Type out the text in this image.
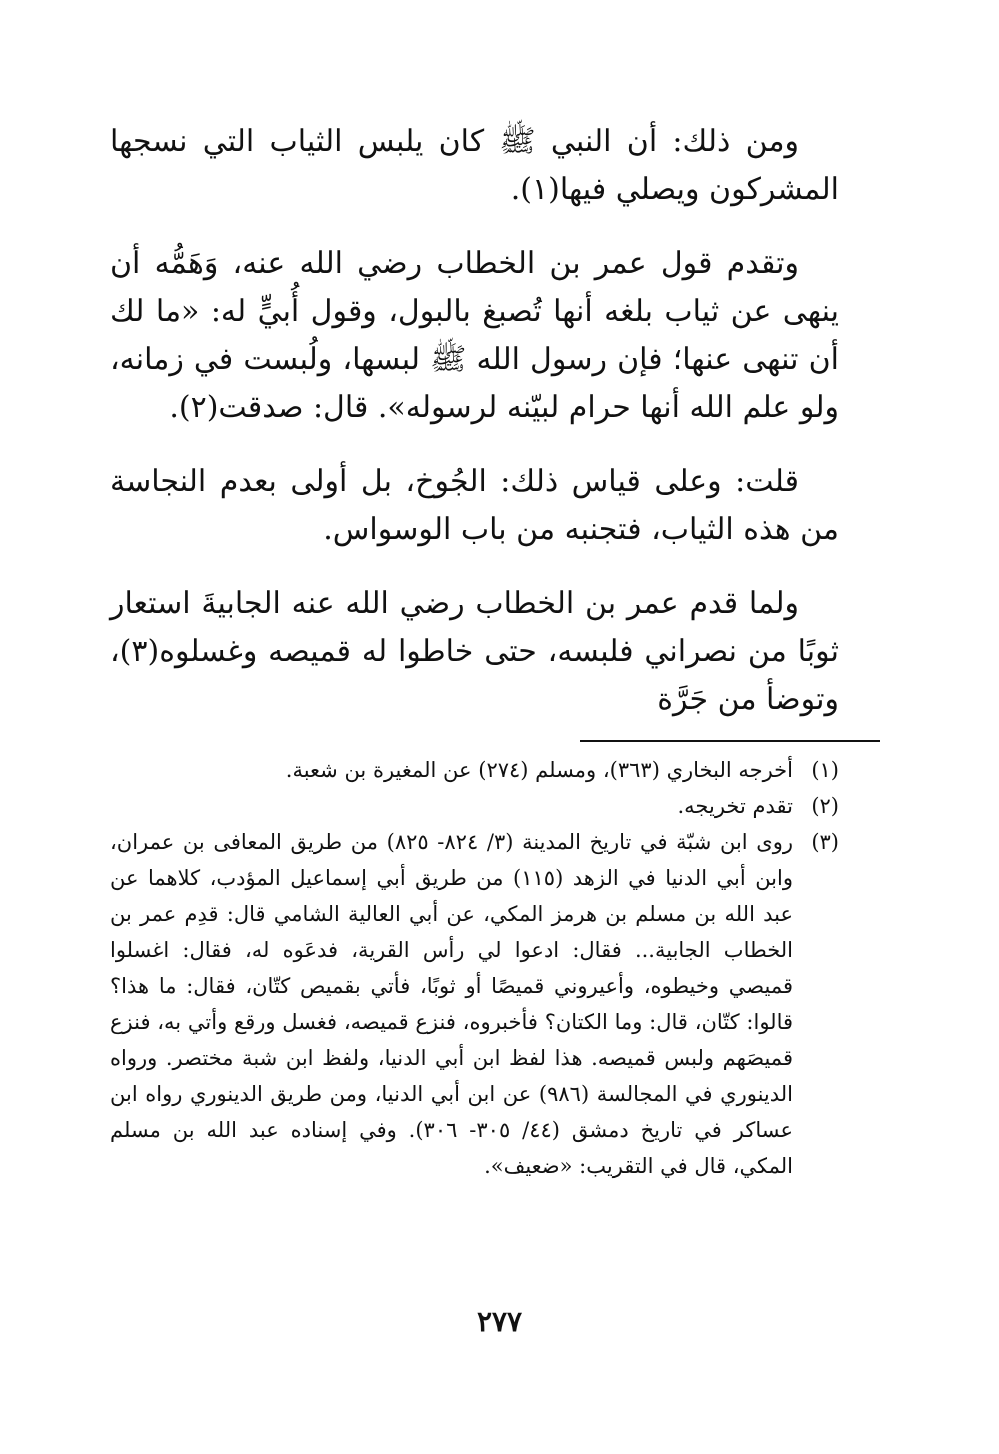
ومن ذلك: أن النبي ﷺ كان يلبس الثياب التي نسجها المشركون ويصلي فيها(١).

وتقدم قول عمر بن الخطاب رضي الله عنه، وَهَمُّه أن ينهى عن ثياب بلغه أنها تُصبغ بالبول، وقول أُبيٍّ له: «ما لك أن تنهى عنها؛ فإن رسول الله ﷺ لبسها، ولُبست في زمانه، ولو علم الله أنها حرام لبيّنه لرسوله». قال: صدقت(٢).

قلت: وعلى قياس ذلك: الجُوخ، بل أولى بعدم النجاسة من هذه الثياب، فتجنبه من باب الوسواس.

ولما قدم عمر بن الخطاب رضي الله عنه الجابيةَ استعار ثوبًا من نصراني فلبسه، حتى خاطوا له قميصه وغسلوه(٣)، وتوضأ من جَرَّة

(١)
أخرجه البخاري (٣٦٣)، ومسلم (٢٧٤) عن المغيرة بن شعبة.
(٢)
تقدم تخريجه.
(٣)
روى ابن شبّة في تاريخ المدينة (٣/ ٨٢٤- ٨٢٥) من طريق المعافى بن عمران، وابن أبي الدنيا في الزهد (١١٥) من طريق أبي إسماعيل المؤدب، كلاهما عن عبد الله بن مسلم بن هرمز المكي، عن أبي العالية الشامي قال: قدِم عمر بن الخطاب الجابية... فقال: ادعوا لي رأس القرية، فدعَوه له، فقال: اغسلوا قميصي وخيطوه، وأعيروني قميصًا أو ثوبًا، فأتي بقميص كتّان، فقال: ما هذا؟ قالوا: كتّان، قال: وما الكتان؟ فأخبروه، فنزع قميصه، فغسل ورقع وأتي به، فنزع قميصَهم ولبس قميصه. هذا لفظ ابن أبي الدنيا، ولفظ ابن شبة مختصر. ورواه الدينوري في المجالسة (٩٨٦) عن ابن أبي الدنيا، ومن طريق الدينوري رواه ابن عساكر في تاريخ دمشق (٤٤/ ٣٠٥- ٣٠٦). وفي إسناده عبد الله بن مسلم المكي، قال في التقريب: «ضعيف».
٢٧٧
